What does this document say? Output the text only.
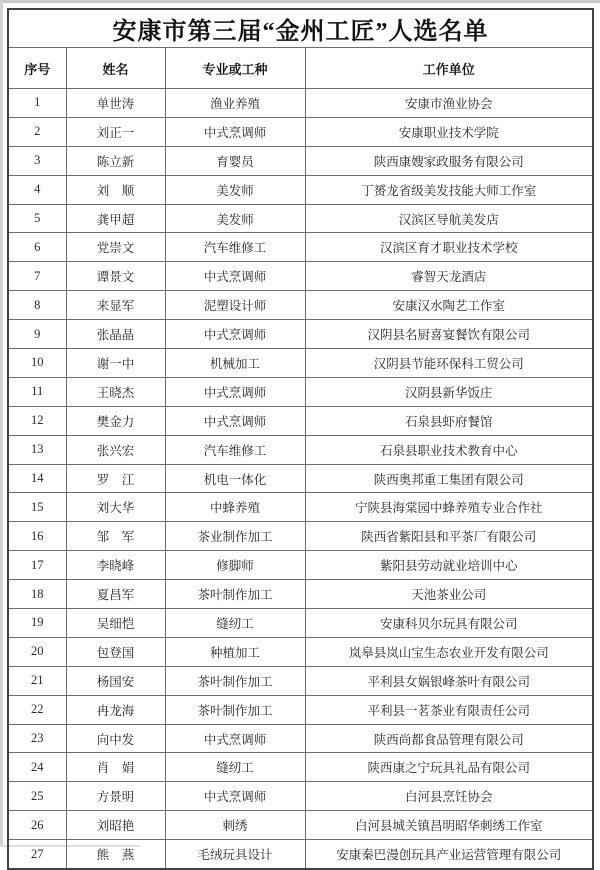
安康市第三届“金州工匠”人选名单			
序号	姓名	专业或工种	工作单位
1	单世涛	渔业养殖	安康市渔业协会
2	刘正一	中式烹调师	安康职业技术学院
3	陈立新	育婴员	陕西康嫂家政服务有限公司
4	刘　顺	美发师	丁赟龙省级美发技能大师工作室
5	龚甲超	美发师	汉滨区导航美发店
6	党崇文	汽车维修工	汉滨区育才职业技术学校
7	谭景文	中式烹调师	睿智天龙酒店
8	来显军	泥塑设计师	安康汉水陶艺工作室
9	张晶晶	中式烹调师	汉阴县名厨喜宴餐饮有限公司
10	谢一中	机械加工	汉阴县节能环保科工贸公司
11	王晓杰	中式烹调师	汉阴县新华饭庄
12	樊金力	中式烹调师	石泉县虾府餐馆
13	张兴宏	汽车维修工	石泉县职业技术教育中心
14	罗　江	机电一体化	陕西奥邦重工集团有限公司
15	刘大华	中蜂养殖	宁陕县海棠园中蜂养殖专业合作社
16	邹　军	茶业制作加工	陕西省紫阳县和平茶厂有限公司
17	李晓峰	修脚师	紫阳县劳动就业培训中心
18	夏昌军	茶叶制作加工	天池茶业公司
19	吴细恺	缝纫工	安康科贝尔玩具有限公司
20	包登国	种植加工	岚皋县岚山宝生态农业开发有限公司
21	杨国安	茶叶制作加工	平利县女娲银峰茶叶有限公司
22	冉龙海	茶叶制作加工	平利县一茗茶业有限责任公司
23	向中发	中式烹调师	陕西尚都食品管理有限公司
24	肖　娟	缝纫工	陕西康之宁玩具礼品有限公司
25	方景明	中式烹调师	白河县烹饪协会
26	刘昭艳	刺绣	白河县城关镇昌明昭华刺绣工作室
27	熊　燕	毛绒玩具设计	安康秦巴漫创玩具产业运营管理有限公司
